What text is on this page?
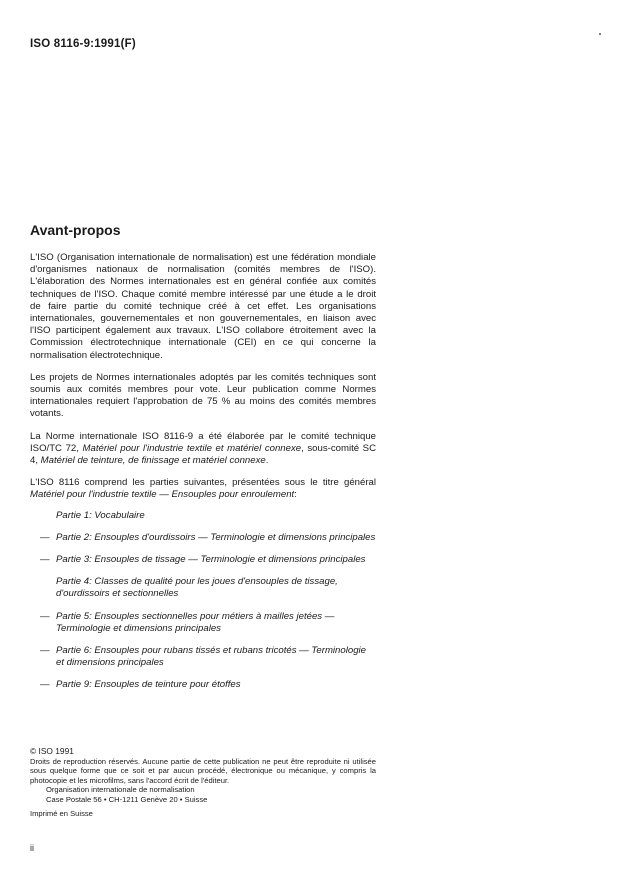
ISO 8116-9:1991(F)
Avant-propos

L'ISO (Organisation internationale de normalisation) est une fédération mondiale d'organismes nationaux de normalisation (comités membres de l'ISO). L'élaboration des Normes internationales est en général confiée aux comités techniques de l'ISO. Chaque comité membre intéressé par une étude a le droit de faire partie du comité technique créé à cet effet. Les organisations internationales, gouvernementales et non gouvernementales, en liaison avec l'ISO participent également aux travaux. L'ISO collabore étroitement avec la Commission électrotechnique internationale (CEI) en ce qui concerne la normalisation électrotechnique.

Les projets de Normes internationales adoptés par les comités techniques sont soumis aux comités membres pour vote. Leur publication comme Normes internationales requiert l'approbation de 75 % au moins des comités membres votants.

La Norme internationale ISO 8116-9 a été élaborée par le comité technique ISO/TC 72, Matériel pour l'industrie textile et matériel connexe, sous-comité SC 4, Matériel de teinture, de finissage et matériel connexe.

L'ISO 8116 comprend les parties suivantes, présentées sous le titre général Matériel pour l'industrie textile — Ensouples pour enroulement:

Partie 1: Vocabulaire
— Partie 2: Ensouples d'ourdissoirs — Terminologie et dimensions principales
— Partie 3: Ensouples de tissage — Terminologie et dimensions principales
Partie 4: Classes de qualité pour les joues d'ensouples de tissage, d'ourdissoirs et sectionnelles
— Partie 5: Ensouples sectionnelles pour métiers à mailles jetées — Terminologie et dimensions principales
— Partie 6: Ensouples pour rubans tissés et rubans tricotés — Terminologie et dimensions principales
— Partie 9: Ensouples de teinture pour étoffes
© ISO 1991
Droits de reproduction réservés. Aucune partie de cette publication ne peut être reproduite ni utilisée sous quelque forme que ce soit et par aucun procédé, électronique ou mécanique, y compris la photocopie et les microfilms, sans l'accord écrit de l'éditeur.
Organisation internationale de normalisation
Case Postale 56 • CH-1211 Genève 20 • Suisse
Imprimé en Suisse
ii
